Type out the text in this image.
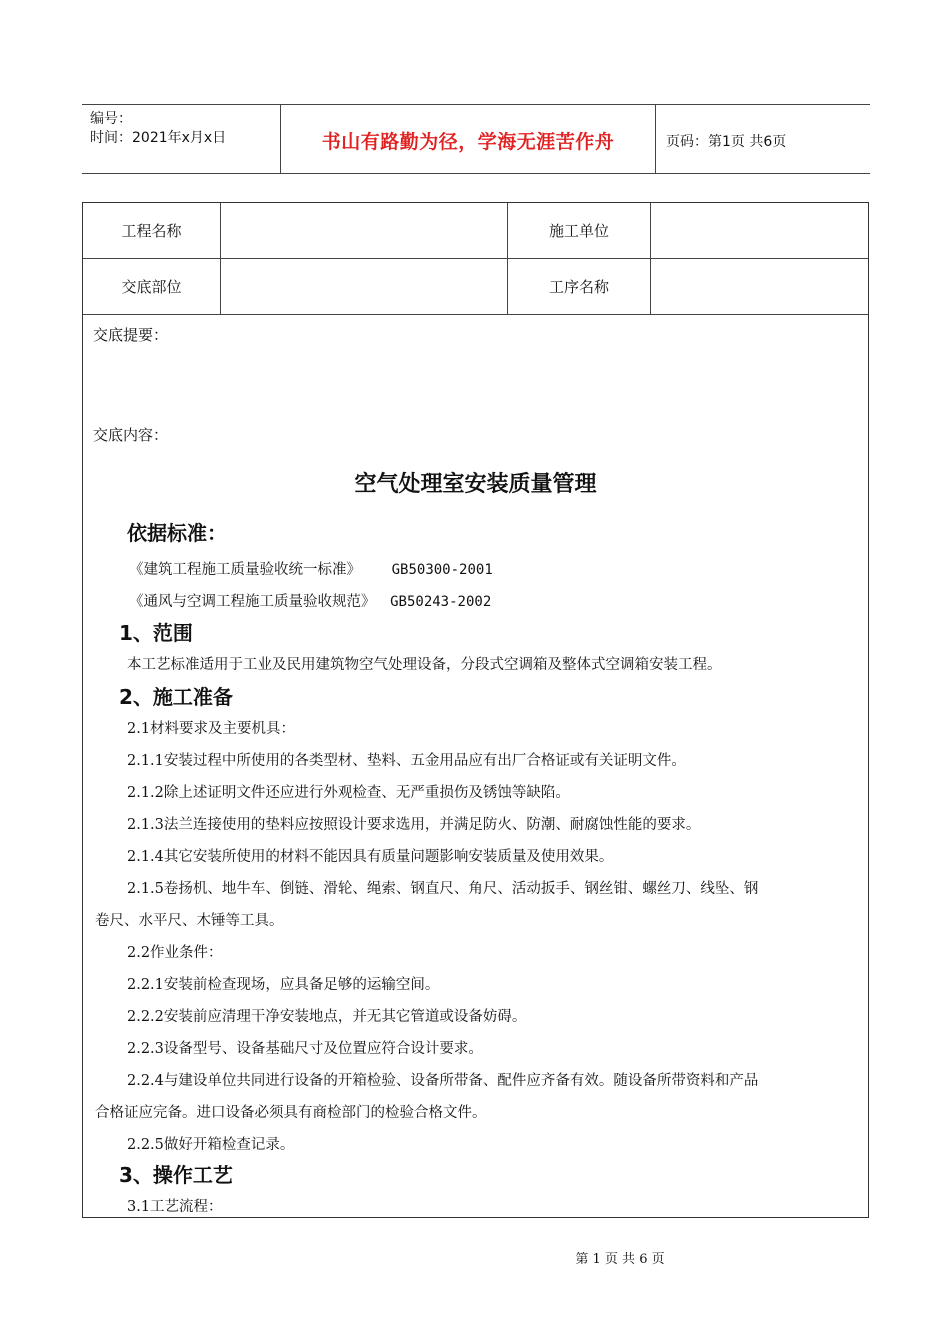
编号：
时间：2021年x月x日	书山有路勤为径，学海无涯苦作舟	页码：第1页 共6页
工程名称	施工单位
交底部位	工序名称
交底提要：
交底内容：
空气处理室安装质量管理
依据标准：
《建筑工程施工质量验收统一标准》 GB50300-2001
《通风与空调工程施工质量验收规范》 GB50243-2002
1、范围
本工艺标准适用于工业及民用建筑物空气处理设备，分段式空调箱及整体式空调箱安装工程。
2、施工准备
2.1材料要求及主要机具：
2.1.1安装过程中所使用的各类型材、垫料、五金用品应有出厂合格证或有关证明文件。
2.1.2除上述证明文件还应进行外观检查、无严重损伤及锈蚀等缺陷。
2.1.3法兰连接使用的垫料应按照设计要求选用，并满足防火、防潮、耐腐蚀性能的要求。
2.1.4其它安装所使用的材料不能因具有质量问题影响安装质量及使用效果。
2.1.5卷扬机、地牛车、倒链、滑轮、绳索、钢直尺、角尺、活动扳手、钢丝钳、螺丝刀、线坠、钢
卷尺、水平尺、木锤等工具。
2.2作业条件：
2.2.1安装前检查现场，应具备足够的运输空间。
2.2.2安装前应清理干净安装地点，并无其它管道或设备妨碍。
2.2.3设备型号、设备基础尺寸及位置应符合设计要求。
2.2.4与建设单位共同进行设备的开箱检验、设备所带备、配件应齐备有效。随设备所带资料和产品
合格证应完备。进口设备必须具有商检部门的检验合格文件。
2.2.5做好开箱检查记录。
3、操作工艺
3.1工艺流程：
第 1 页 共 6 页
